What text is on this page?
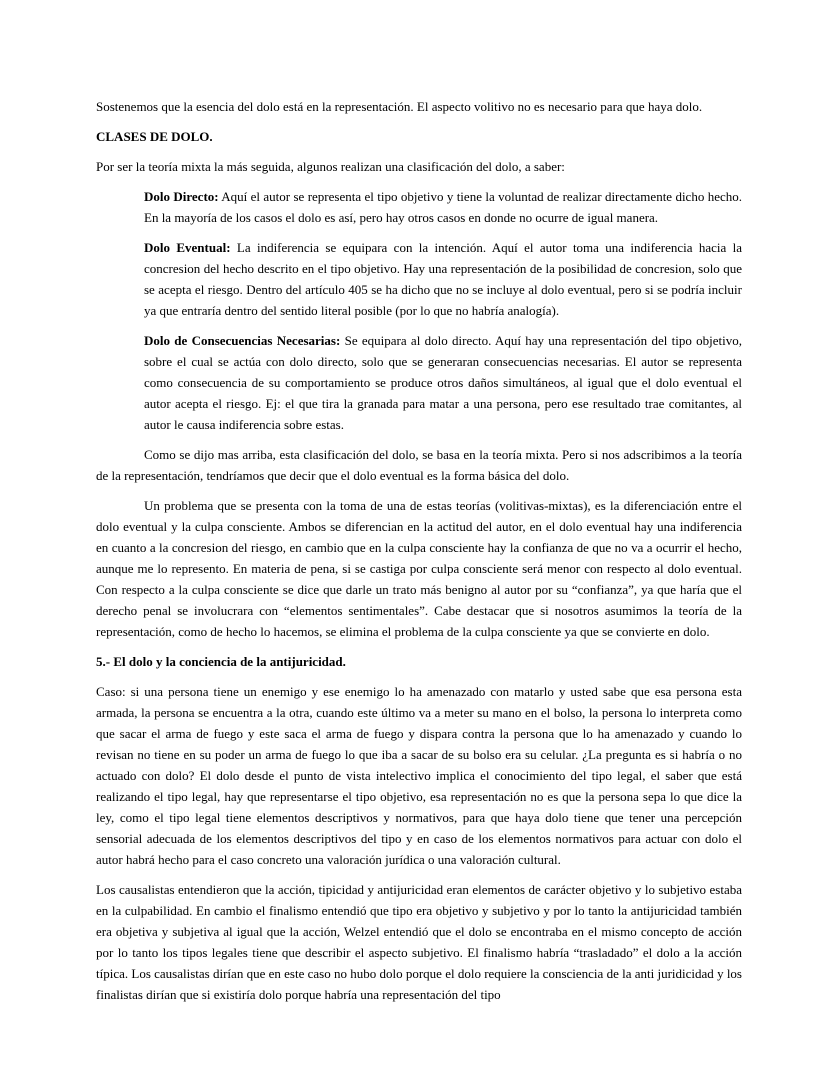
Sostenemos que la esencia del dolo está en la representación. El aspecto volitivo no es necesario para que haya dolo.

CLASES DE DOLO.

Por ser la teoría mixta la más seguida, algunos realizan una clasificación del dolo, a saber:

Dolo Directo: Aquí el autor se representa el tipo objetivo y tiene la voluntad de realizar directamente dicho hecho. En la mayoría de los casos el dolo es así, pero hay otros casos en donde no ocurre de igual manera.

Dolo Eventual: La indiferencia se equipara con la intención. Aquí el autor toma una indiferencia hacia la concresion del hecho descrito en el tipo objetivo. Hay una representación de la posibilidad de concresion, solo que se acepta el riesgo. Dentro del artículo 405 se ha dicho que no se incluye al dolo eventual, pero si se podría incluir ya que entraría dentro del sentido literal posible (por lo que no habría analogía).

Dolo de Consecuencias Necesarias: Se equipara al dolo directo. Aquí hay una representación del tipo objetivo, sobre el cual se actúa con dolo directo, solo que se generaran consecuencias necesarias. El autor se representa como consecuencia de su comportamiento se produce otros daños simultáneos, al igual que el dolo eventual el autor acepta el riesgo. Ej: el que tira la granada para matar a una persona, pero ese resultado trae comitantes, al autor le causa indiferencia sobre estas.

Como se dijo mas arriba, esta clasificación del dolo, se basa en la teoría mixta. Pero si nos adscribimos a la teoría de la representación, tendríamos que decir que el dolo eventual es la forma básica del dolo.

Un problema que se presenta con la toma de una de estas teorías (volitivas-mixtas), es la diferenciación entre el dolo eventual y la culpa consciente. Ambos se diferencian en la actitud del autor, en el dolo eventual hay una indiferencia en cuanto a la concresion del riesgo, en cambio que en la culpa consciente hay la confianza de que no va a ocurrir el hecho, aunque me lo represento. En materia de pena, si se castiga por culpa consciente será menor con respecto al dolo eventual. Con respecto a la culpa consciente se dice que darle un trato más benigno al autor por su “confianza”, ya que haría que el derecho penal se involucrara con “elementos sentimentales”. Cabe destacar que si nosotros asumimos la teoría de la representación, como de hecho lo hacemos, se elimina el problema de la culpa consciente ya que se convierte en dolo.

5.- El dolo y la conciencia de la antijuricidad.

Caso: si una persona tiene un enemigo y ese enemigo lo ha amenazado con matarlo y usted sabe que esa persona esta armada, la persona se encuentra a la otra, cuando este último va a meter su mano en el bolso, la persona lo interpreta como que sacar el arma de fuego y este saca el arma de fuego y dispara contra la persona que lo ha amenazado y cuando lo revisan no tiene en su poder un arma de fuego lo que iba a sacar de su bolso era su celular. ¿La pregunta es si habría o no actuado con dolo? El dolo desde el punto de vista intelectivo implica el conocimiento del tipo legal, el saber que está realizando el tipo legal, hay que representarse el tipo objetivo, esa representación no es que la persona sepa lo que dice la ley, como el tipo legal tiene elementos descriptivos y normativos, para que haya dolo tiene que tener una percepción sensorial adecuada de los elementos descriptivos del tipo y en caso de los elementos normativos para actuar con dolo el autor habrá hecho para el caso concreto una valoración jurídica o una valoración cultural.

Los causalistas entendieron que la acción, tipicidad y antijuricidad eran elementos de carácter objetivo y lo subjetivo estaba en la culpabilidad. En cambio el finalismo entendió que tipo era objetivo y subjetivo y por lo tanto la antijuricidad también era objetiva y subjetiva al igual que la acción, Welzel entendió que el dolo se encontraba en el mismo concepto de acción por lo tanto los tipos legales tiene que describir el aspecto subjetivo. El finalismo habría “trasladado” el dolo a la acción típica. Los causalistas dirían que en este caso no hubo dolo porque el dolo requiere la consciencia de la anti juridicidad y los finalistas dirían que si existiría dolo porque habría una representación del tipo
